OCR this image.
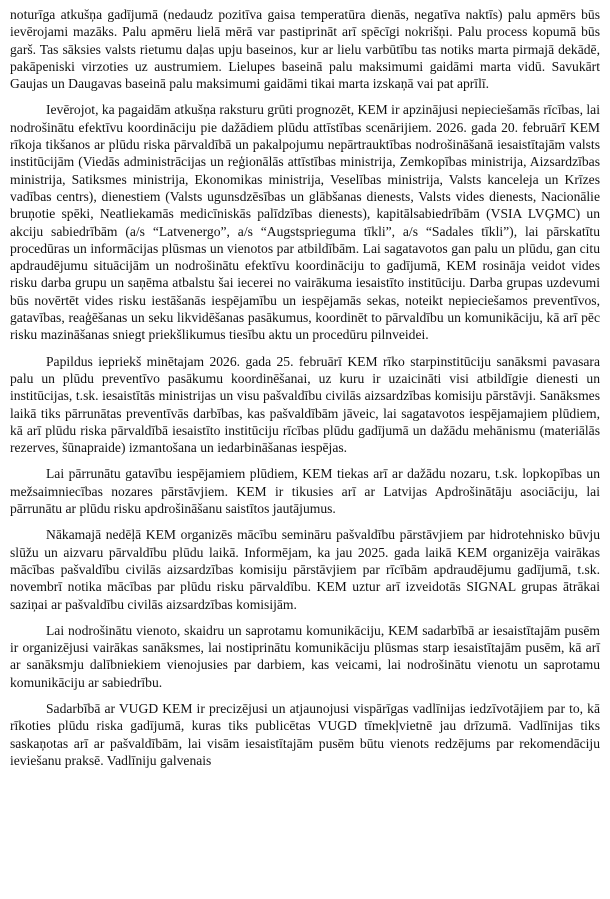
noturīga atkušņa gadījumā (nedaudz pozitīva gaisa temperatūra dienās, negatīva naktīs) palu apmērs būs ievērojami mazāks. Palu apmēru lielā mērā var pastiprināt arī spēcīgi nokrišņi. Palu process kopumā būs garš. Tas sāksies valsts rietumu daļas upju baseinos, kur ar lielu varbūtību tas notiks marta pirmajā dekādē, pakāpeniski virzoties uz austrumiem. Lielupes baseinā palu maksimumi gaidāmi marta vidū. Savukārt Gaujas un Daugavas baseinā palu maksimumi gaidāmi tikai marta izskaņā vai pat aprīlī.

Ievērojot, ka pagaidām atkušņa raksturu grūti prognozēt, KEM ir apzinājusi nepieciešamās rīcības, lai nodrošinātu efektīvu koordināciju pie dažādiem plūdu attīstības scenārijiem. 2026. gada 20. februārī KEM rīkoja tikšanos ar plūdu riska pārvaldībā un pakalpojumu nepārtrauktības nodrošināšanā iesaistītajām valsts institūcijām (Viedās administrācijas un reģionālās attīstības ministrija, Zemkopības ministrija, Aizsardzības ministrija, Satiksmes ministrija, Ekonomikas ministrija, Veselības ministrija, Valsts kanceleja un Krīzes vadības centrs), dienestiem (Valsts ugunsdzēsības un glābšanas dienests, Valsts vides dienests, Nacionālie bruņotie spēki, Neatliekamās medicīniskās palīdzības dienests), kapitālsabiedrībām (VSIA LVĢMC) un akciju sabiedrībām (a/s “Latvenergo”, a/s “Augstsprieguma tīkli”, a/s “Sadales tīkli”), lai pārskatītu procedūras un informācijas plūsmas un vienotos par atbildībām. Lai sagatavotos gan palu un plūdu, gan citu apdraudējumu situācijām un nodrošinātu efektīvu koordināciju to gadījumā, KEM rosināja veidot vides risku darba grupu un saņēma atbalstu šai iecerei no vairākuma iesaistīto institūciju. Darba grupas uzdevumi būs novērtēt vides risku iestāšanās iespējamību un iespējamās sekas, noteikt nepieciešamos preventīvos, gatavības, reaģēšanas un seku likvidēšanas pasākumus, koordinēt to pārvaldību un komunikāciju, kā arī pēc risku mazināšanas sniegt priekšlikumus tiesību aktu un procedūru pilnveidei.

Papildus iepriekš minētajam 2026. gada 25. februārī KEM rīko starpinstitūciju sanāksmi pavasara palu un plūdu preventīvo pasākumu koordinēšanai, uz kuru ir uzaicināti visi atbildīgie dienesti un institūcijas, t.sk. iesaistītās ministrijas un visu pašvaldību civilās aizsardzības komisiju pārstāvji. Sanāksmes laikā tiks pārrunātas preventīvās darbības, kas pašvaldībām jāveic, lai sagatavotos iespējamajiem plūdiem, kā arī plūdu riska pārvaldībā iesaistīto institūciju rīcības plūdu gadījumā un dažādu mehānismu (materiālās rezerves, šūnapraide) izmantošana un iedarbināšanas iespējas.

Lai pārrunātu gatavību iespējamiem plūdiem, KEM tiekas arī ar dažādu nozaru, t.sk. lopkopības un mežsaimniecības nozares pārstāvjiem. KEM ir tikusies arī ar Latvijas Apdrošinātāju asociāciju, lai pārrunātu ar plūdu risku apdrošināšanu saistītos jautājumus.

Nākamajā nedēļā KEM organizēs mācību semināru pašvaldību pārstāvjiem par hidrotehnisko būvju slūžu un aizvaru pārvaldību plūdu laikā. Informējam, ka jau 2025. gada laikā KEM organizēja vairākas mācības pašvaldību civilās aizsardzības komisiju pārstāvjiem par rīcībām apdraudējumu gadījumā, t.sk. novembrī notika mācības par plūdu risku pārvaldību. KEM uztur arī izveidotās SIGNAL grupas ātrākai saziņai ar pašvaldību civilās aizsardzības komisijām.

Lai nodrošinātu vienoto, skaidru un saprotamu komunikāciju, KEM sadarbībā ar iesaistītajām pusēm ir organizējusi vairākas sanāksmes, lai nostiprinātu komunikāciju plūsmas starp iesaistītajām pusēm, kā arī ar sanāksmju dalībniekiem vienojusies par darbiem, kas veicami, lai nodrošinātu vienotu un saprotamu komunikāciju ar sabiedrību.

Sadarbībā ar VUGD KEM ir precizējusi un atjaunojusi vispārīgas vadlīnijas iedzīvotājiem par to, kā rīkoties plūdu riska gadījumā, kuras tiks publicētas VUGD tīmekļvietnē jau drīzumā. Vadlīnijas tiks saskaņotas arī ar pašvaldībām, lai visām iesaistītajām pusēm būtu vienots redzējums par rekomendāciju ieviešanu praksē. Vadlīniju galvenais
